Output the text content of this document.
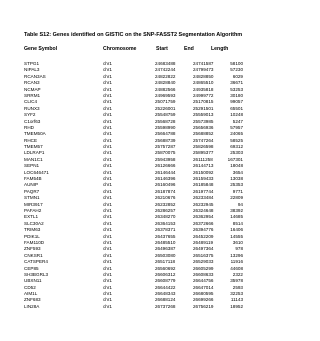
Table S12: Genes identified on GISTIC on the SNP-FASST2 Segmentation Algorithm
Gene Symbol	Chromosome	Start	End	Length
STPG1	chr1	24683488	24741587	58100
NIPAL3	chr1	24742244	24799473	57230
RCAN3AS	chr1	24822822	24828850	6029
RCAN3	chr1	24828840	24865510	36671
NCMAP	chr1	24882566	24935818	53253
SRRM1	chr1	24969593	24999772	30180
CLIC4	chr1	25071759	25170815	99057
RUNX3	chr1	25226001	25291501	65501
SYF2	chr1	25548759	25559013	10248
C1orf63	chr1	25568728	25573985	5247
RHD	chr1	25598990	25656936	57957
TMEM50A	chr1	25664788	25688852	24065
RHCE	chr1	25688739	25747264	58525
TMEM57	chr1	25757287	25826598	69312
LDLRAP1	chr1	25870075	25895377	25303
MAN1C1	chr1	25943958	26111258	167301
SEPN1	chr1	26126666	26144713	18048
LOC646471	chr1	26146444	26150092	3654
FAM54B	chr1	26146396	26159433	13038
AUNIP	chr1	26160496	26185848	25353
PAQR7	chr1	26187874	26197744	9771
STMN1	chr1	26210676	26233484	22809
MIR3917	chr1	26232852	26232945	94
PAFAH2	chr1	26286257	26324648	38392
EXTL1	chr1	26348270	26362954	14685
SLC30A2	chr1	26364153	26372666	8514
TRIM63	chr1	26378371	26394776	16406
PDIK1L	chr1	26437655	26452209	14555
FAM110D	chr1	26485510	26489119	3610
ZNF593	chr1	26496387	26497364	978
CNKSR1	chr1	26503080	26516375	13296
CATSPER4	chr1	26517118	26529033	11916
CEP85	chr1	26560692	26605299	44608
SH3BGRL3	chr1	26606312	26608633	2322
UBXN11	chr1	26608779	26644756	35978
CD52	chr1	26644422	26647014	2593
AIM1L	chr1	26648343	26680595	32253
ZNF683	chr1	26688124	26699266	11143
LIN28A	chr1	26737268	26756219	18952
